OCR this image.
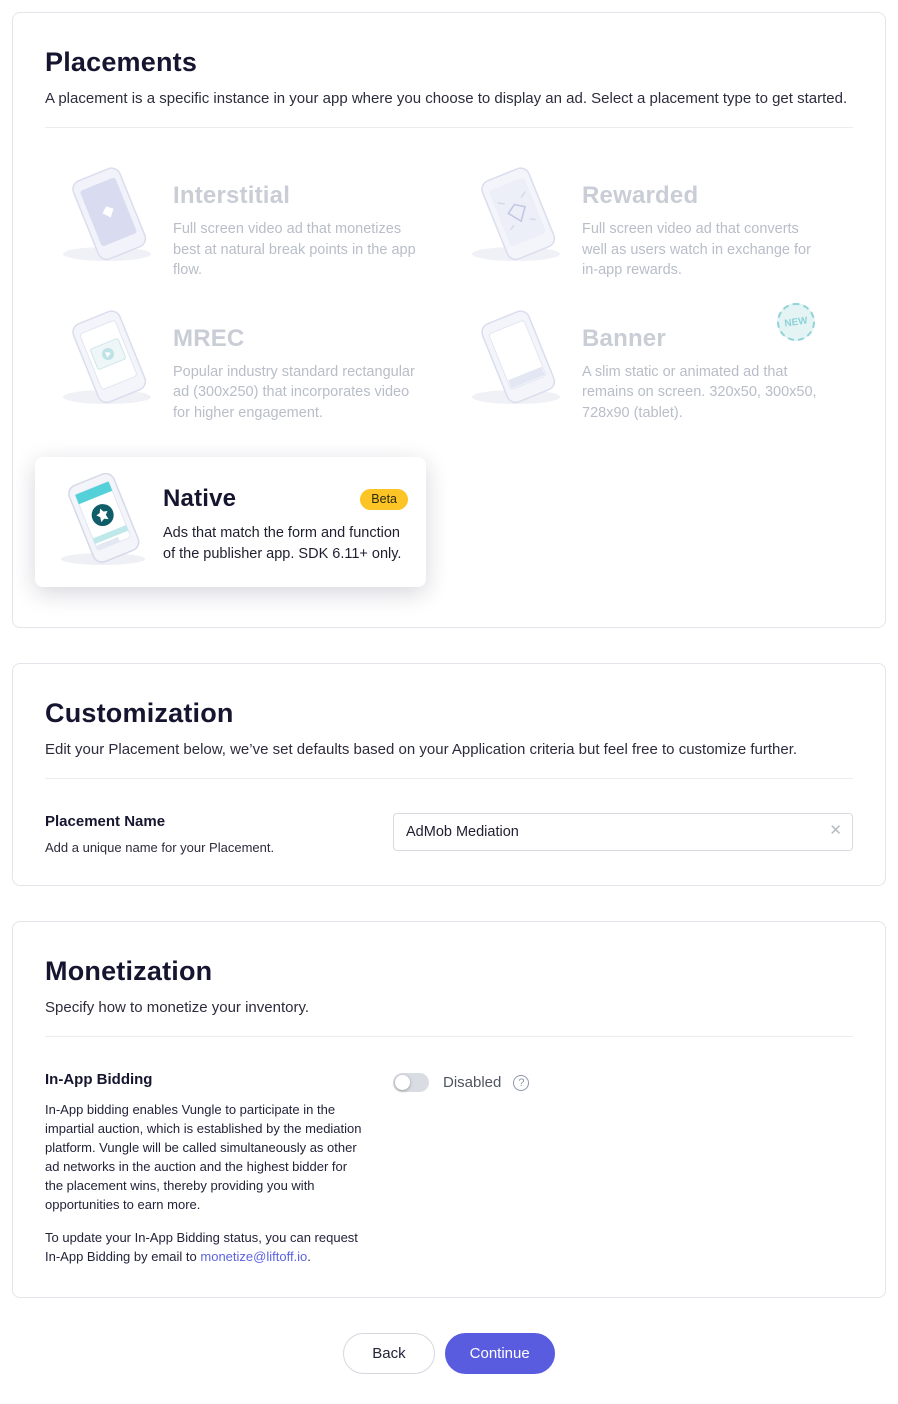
Placements

A placement is a specific instance in your app where you choose to display an ad. Select a placement type to get started.

Interstitial
Full screen video ad that monetizes best at natural break points in the app flow.
Rewarded
Full screen video ad that converts well as users watch in exchange for in-app rewards.
MREC
Popular industry standard rectangular ad (300x250) that incorporates video for higher engagement.
NEW
Banner
A slim static or animated ad that remains on screen. 320x50, 300x50, 728x90 (tablet).
Native	Beta
Ads that match the form and function of the publisher app. SDK 6.11+ only.
Customization

Edit your Placement below, we’ve set defaults based on your Application criteria but feel free to customize further.

Placement Name
Add a unique name for your Placement.
AdMob Mediation
✕
Monetization

Specify how to monetize your inventory.

In-App Bidding

In-App bidding enables Vungle to participate in the impartial auction, which is established by the mediation platform. Vungle will be called simultaneously as other ad networks in the auction and the highest bidder for the placement wins, thereby providing you with opportunities to earn more.

To update your In-App Bidding status, you can request In-App Bidding by email to monetize@liftoff.io.

Disabled	?
Back	Continue
